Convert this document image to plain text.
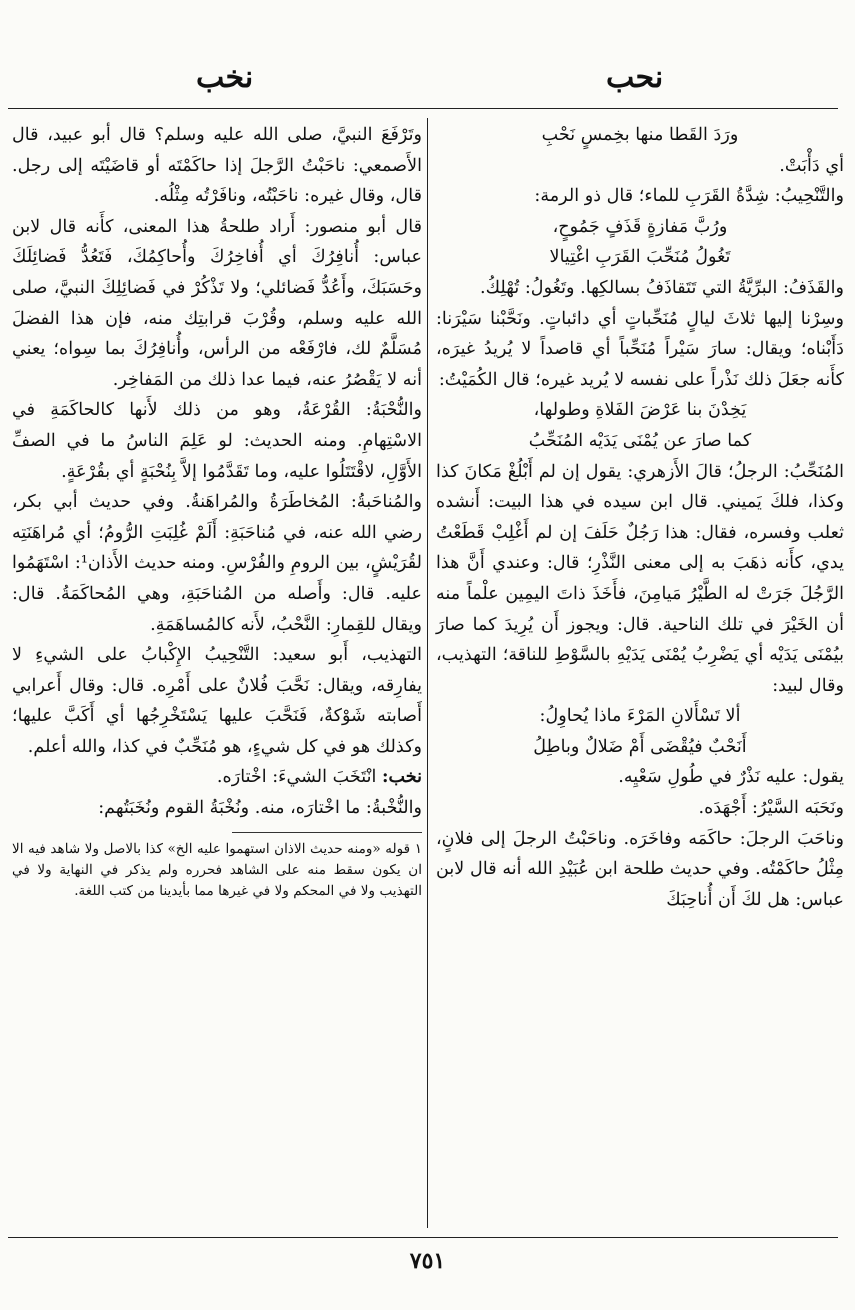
نحب
نخب

ورَدَ القَطا منها بخِمسٍ نَحْبِ

أي دَأْبَتْ.

والتَّنْحِيبُ: شِدَّةُ القَرَبِ للماء؛ قال ذو الرمة:

ورُبَّ مَفازةٍ قَذَفٍ جَمُوحٍ،

تَغُولُ مُنَحِّبَ القَرَبِ اغْتِيالا

والقَذَفُ: البرِّيَّةُ التي تَتَقاذَفُ بسالكِها. وتَغُولُ: تُهْلِكُ.

وسِرْنا إليها ثلاثَ ليالٍ مُنَحِّباتٍ أي دائباتٍ. ونَحَّبْنا سَيْرَنا: دَأَبْناه؛ ويقال: سارَ سَيْراً مُنَحِّباً أي قاصداً لا يُريدُ غيرَه، كأَنه جعَلَ ذلك نَذْراً على نفسه لا يُريد غيره؛ قال الكُمَيْتُ:

يَخِدْنَ بنا عَرْضَ الفَلاةِ وطولها،

كما صارَ عن يُمْنَى يَدَيْه المُنَحِّبُ

المُنَحِّبُ: الرجلُ؛ قالَ الأَزهري: يقول إن لم أَبْلُغْ مَكانَ كذا وكذا، فلكَ يَميني. قال ابن سيده في هذا البيت: أَنشده ثعلب وفسره، فقال: هذا رَجُلٌ حَلَفَ إن لم أَغْلِبْ قَطَعْتُ يدي، كأَنه ذهَبَ به إلى معنى النَّذْرِ؛ قال: وعندي أَنَّ هذا الرَّجُلَ جَرَتْ له الطَّيْرُ مَيامِنَ، فأَخَذَ ذاتَ اليمِين علْماً منه أن الخَيْرَ في تلك الناحية. قال: ويجوز أَن يُرِيدَ كما صارَ بيُمْنَى يَدَيْه أي يَضْرِبُ يُمْنَى يَدَيْهِ بالسَّوْطِ للناقة؛ التهذيب، وقال لبيد:

ألا تَسْأَلانِ المَرْءَ ماذا يُحاوِلُ:

أَنَحْبٌ فيُقْضَى أَمْ ضَلالٌ وباطِلُ

يقول: عليه نَذْرٌ في طُولِ سَعْيِه.

ونَحَبَه السَّيْرُ: أَجْهَدَه.

وناحَبَ الرجلَ: حاكَمَه وفاخَرَه. وناحَبْتُ الرجلَ إلى فلانٍ، مِثْلُ حاكَمْتُه. وفي حديث طلحة ابن عُبَيْدِ الله أنه قال لابن عباس: هل لكَ أَن أُناحِبَكَ

وتَرْفَعَ النبيَّ، صلى الله عليه وسلم؟ قال أبو عبيد، قال الأَصمعي: ناحَبْتُ الرَّجلَ إذا حاكَمْتَه أو قاضَيْتَه إلى رجل. قال، وقال غيره: ناحَبْتُه، ونافَرْتُه مِثْلُه.

قال أبو منصور: أَراد طلحةُ هذا المعنى، كأَنه قال لابن عباس: أُنافِرُكَ أي أُفاخِرُكَ وأُحاكِمُكَ، فَتَعُدُّ فَضائِلَكَ وحَسَبَكَ، وأَعُدُّ فَضائلي؛ ولا تَذْكُرْ في فَضائِلِكَ النبيَّ، صلى الله عليه وسلم، وقُرْبَ قرابتِك منه، فإن هذا الفضلَ مُسَلَّمٌ لك، فارْفَعْه من الرأس، وأُنافِرُكَ بما سِواه؛ يعني أنه لا يَقْصُرُ عنه، فيما عدا ذلك من المَفاخِر.

والنُّحْبَةُ: القُرْعَةُ، وهو من ذلك لأَنها كالحاكَمَةِ في الاسْتِهامِ. ومنه الحديث: لو عَلِمَ الناسُ ما في الصفِّ الأَوَّلِ، لاقْتَتَلُوا عليه، وما تَقَدَّمُوا إلاَّ بِنُحْبَةٍ أي بقُرْعَةٍ.

والمُناحَبةُ: المُخاطَرَةُ والمُراهَنةُ. وفي حديث أبي بكر، رضي الله عنه، في مُناحَبَةِ: أَلَمْ غُلِبَتِ الرُّومُ؛ أي مُراهَنَتِه لقُرَيْشٍ، بين الرومِ والفُرْسِ. ومنه حديث الأَذان¹: اسْتَهَمُوا عليه. قال: وأَصله من المُناحَبَةِ، وهي المُحاكَمَةُ. قال: ويقال للقِمارِ: النَّحْبُ، لأَنه كالمُساهَمَةِ.

التهذيب، أَبو سعيد: التَّنْحِيبُ الإِكْبابُ على الشيءِ لا يفارِقه، ويقال: نَحَّبَ فُلانٌ على أَمْرِه. قال: وقال أَعرابي أَصابته شَوْكةٌ، فَنَحَّبَ عليها يَسْتَخْرِجُها أي أَكَبَّ عليها؛ وكذلك هو في كل شيءٍ، هو مُنَحِّبٌ في كذا، والله أعلم.

نخب: انْتَخَبَ الشيءَ: اخْتارَه.

والنُّخْبةُ: ما اخْتارَه، منه. ونُخْبَةُ القوم ونُخَبَتُهم:

١ قوله «ومنه حديث الاذان استهموا عليه الخ» كذا بالاصل ولا شاهد فيه الا ان يكون سقط منه على الشاهد فحرره ولم يذكر في النهاية ولا في التهذيب ولا في المحكم ولا في غيرها مما بأيدينا من كتب اللغة.

٧٥١
